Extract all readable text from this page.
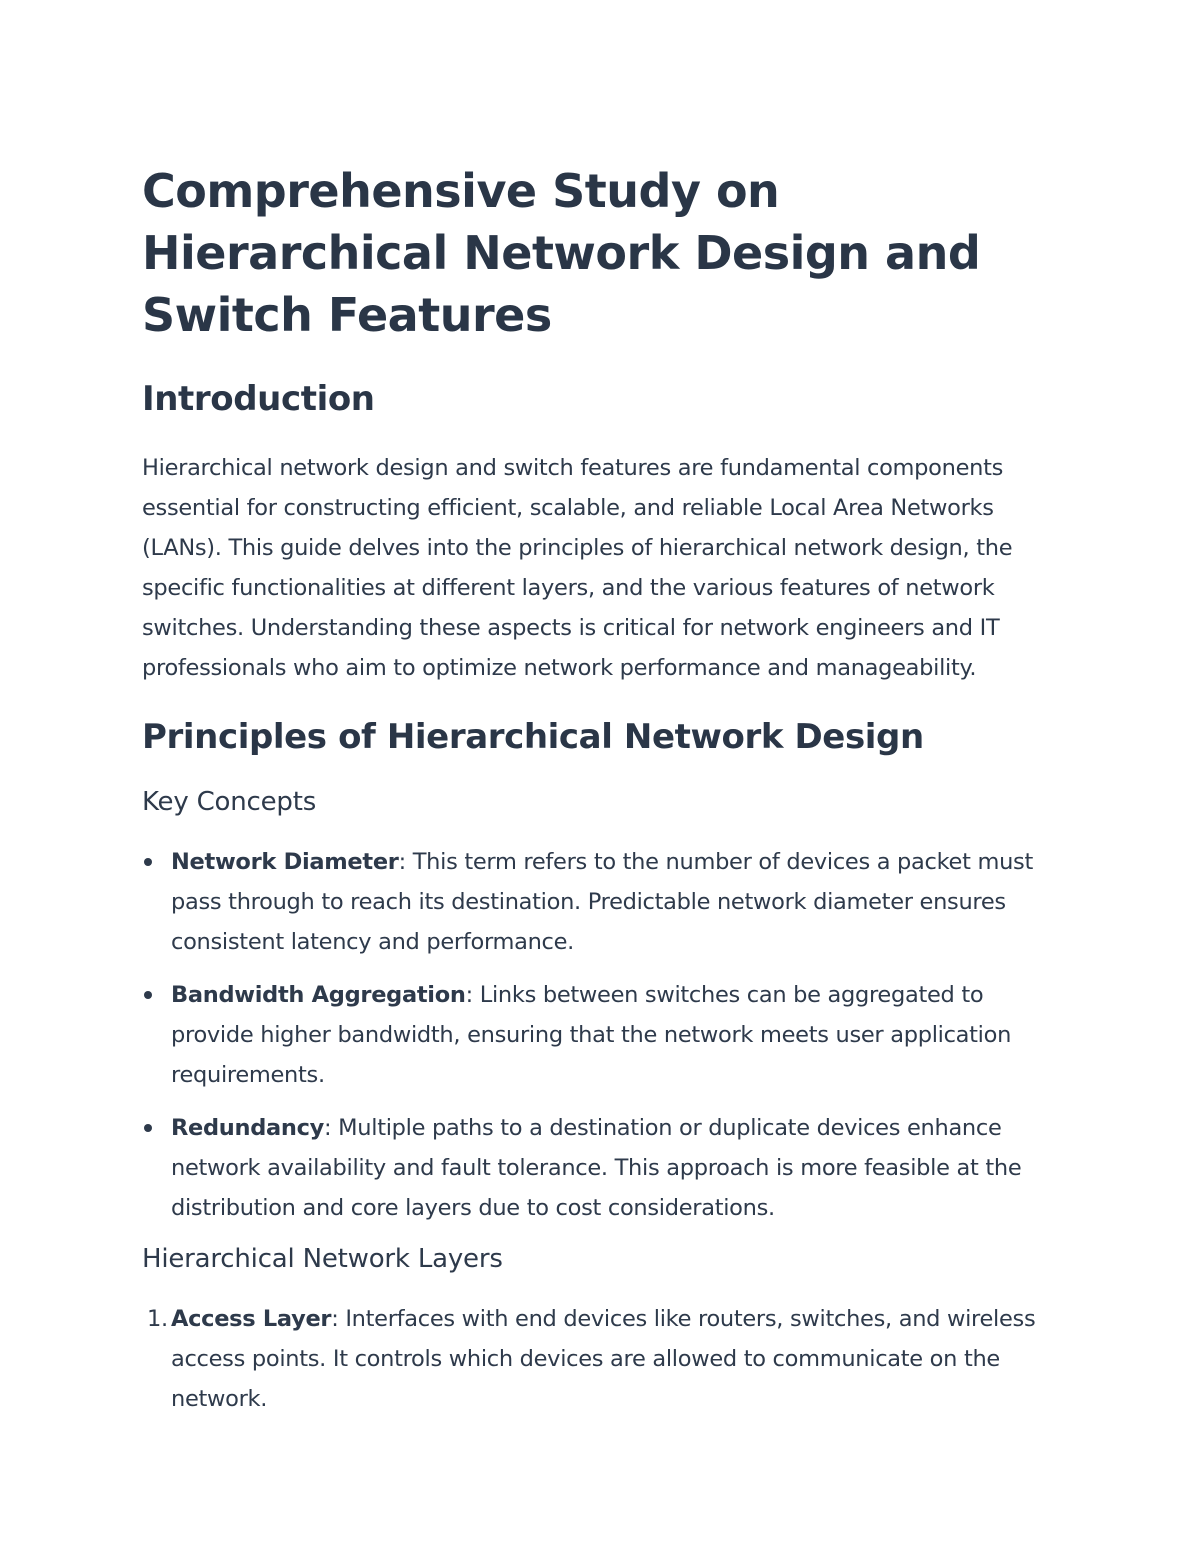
Comprehensive Study on Hierarchical Network Design and Switch Features
Introduction

Hierarchical network design and switch features are fundamental components essential for constructing efficient, scalable, and reliable Local Area Networks (LANs). This guide delves into the principles of hierarchical network design, the specific functionalities at different layers, and the various features of network switches. Understanding these aspects is critical for network engineers and IT professionals who aim to optimize network performance and manageability.

Principles of Hierarchical Network Design
Key Concepts
Network Diameter: This term refers to the number of devices a packet must pass through to reach its destination. Predictable network diameter ensures consistent latency and performance.
Bandwidth Aggregation: Links between switches can be aggregated to provide higher bandwidth, ensuring that the network meets user application requirements.
Redundancy: Multiple paths to a destination or duplicate devices enhance network availability and fault tolerance. This approach is more feasible at the distribution and core layers due to cost considerations.
Hierarchical Network Layers
1. Access Layer: Interfaces with end devices like routers, switches, and wireless access points. It controls which devices are allowed to communicate on the network.
